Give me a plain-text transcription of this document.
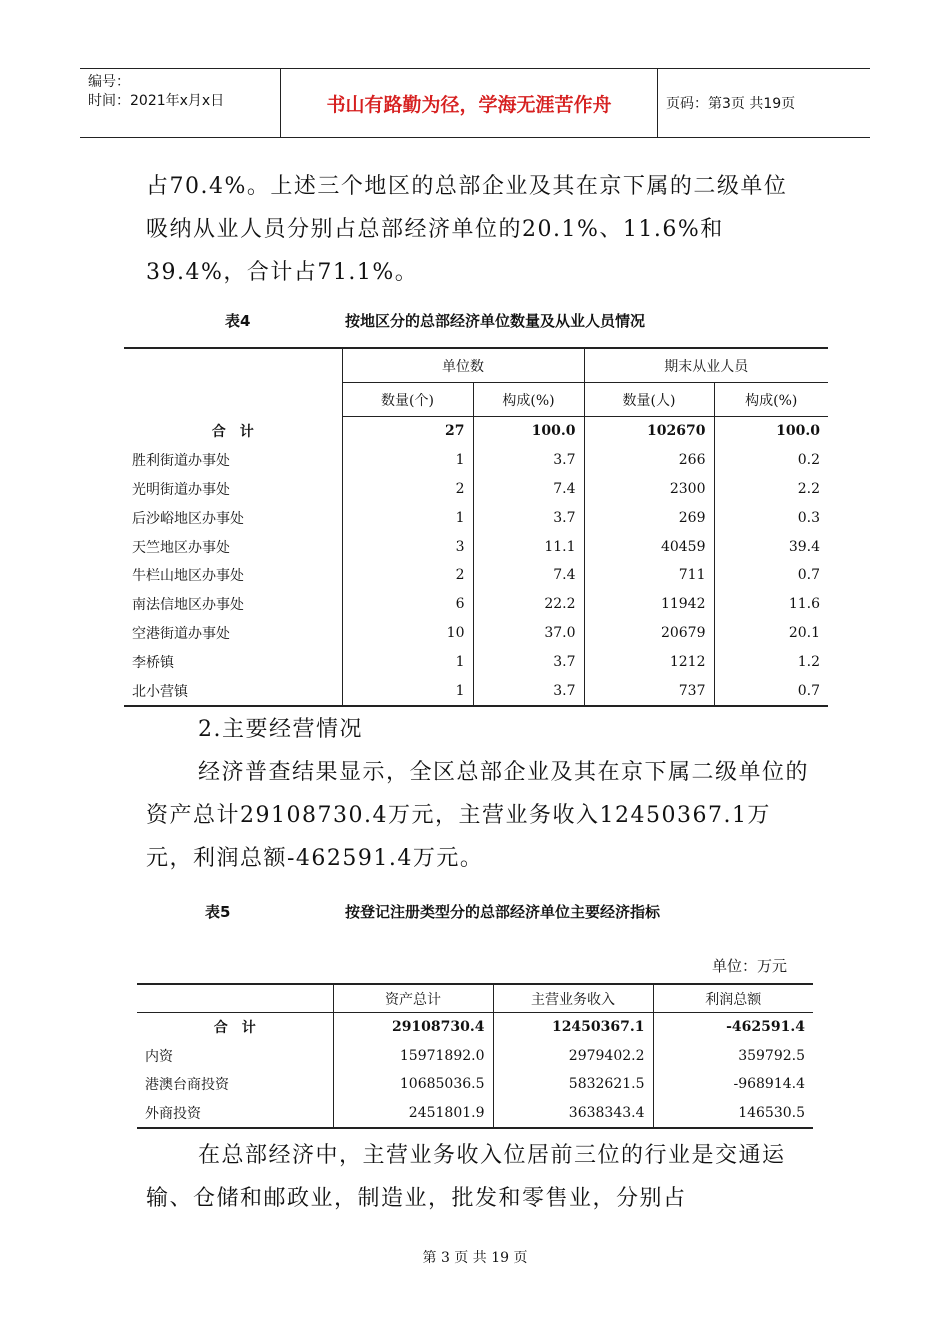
编号：
时间：2021年x月x日	书山有路勤为径，学海无涯苦作舟	页码：第3页 共19页

占70.4%。上述三个地区的总部企业及其在京下属的二级单位吸纳从业人员分别占总部经济单位的20.1%、11.6%和39.4%，合计占71.1%。

表4	按地区分的总部经济单位数量及从业人员情况
	单位数		期末从业人员	
	数量(个)	构成(%)	数量(人)	构成(%)
合　计	27	100.0	102670	100.0
胜利街道办事处	1	3.7	266	0.2
光明街道办事处	2	7.4	2300	2.2
后沙峪地区办事处	1	3.7	269	0.3
天竺地区办事处	3	11.1	40459	39.4
牛栏山地区办事处	2	7.4	711	0.7
南法信地区办事处	6	22.2	11942	11.6
空港街道办事处	10	37.0	20679	20.1
李桥镇	1	3.7	1212	1.2
北小营镇	1	3.7	737	0.7

2.主要经营情况

经济普查结果显示，全区总部企业及其在京下属二级单位的资产总计29108730.4万元，主营业务收入12450367.1万元，利润总额-462591.4万元。

表5	按登记注册类型分的总部经济单位主要经济指标
单位：万元
	资产总计	主营业务收入	利润总额
合　计	29108730.4	12450367.1	-462591.4
内资	15971892.0	2979402.2	359792.5
港澳台商投资	10685036.5	5832621.5	-968914.4
外商投资	2451801.9	3638343.4	146530.5

在总部经济中，主营业务收入位居前三位的行业是交通运输、仓储和邮政业，制造业，批发和零售业，分别占

第 3 页 共 19 页
